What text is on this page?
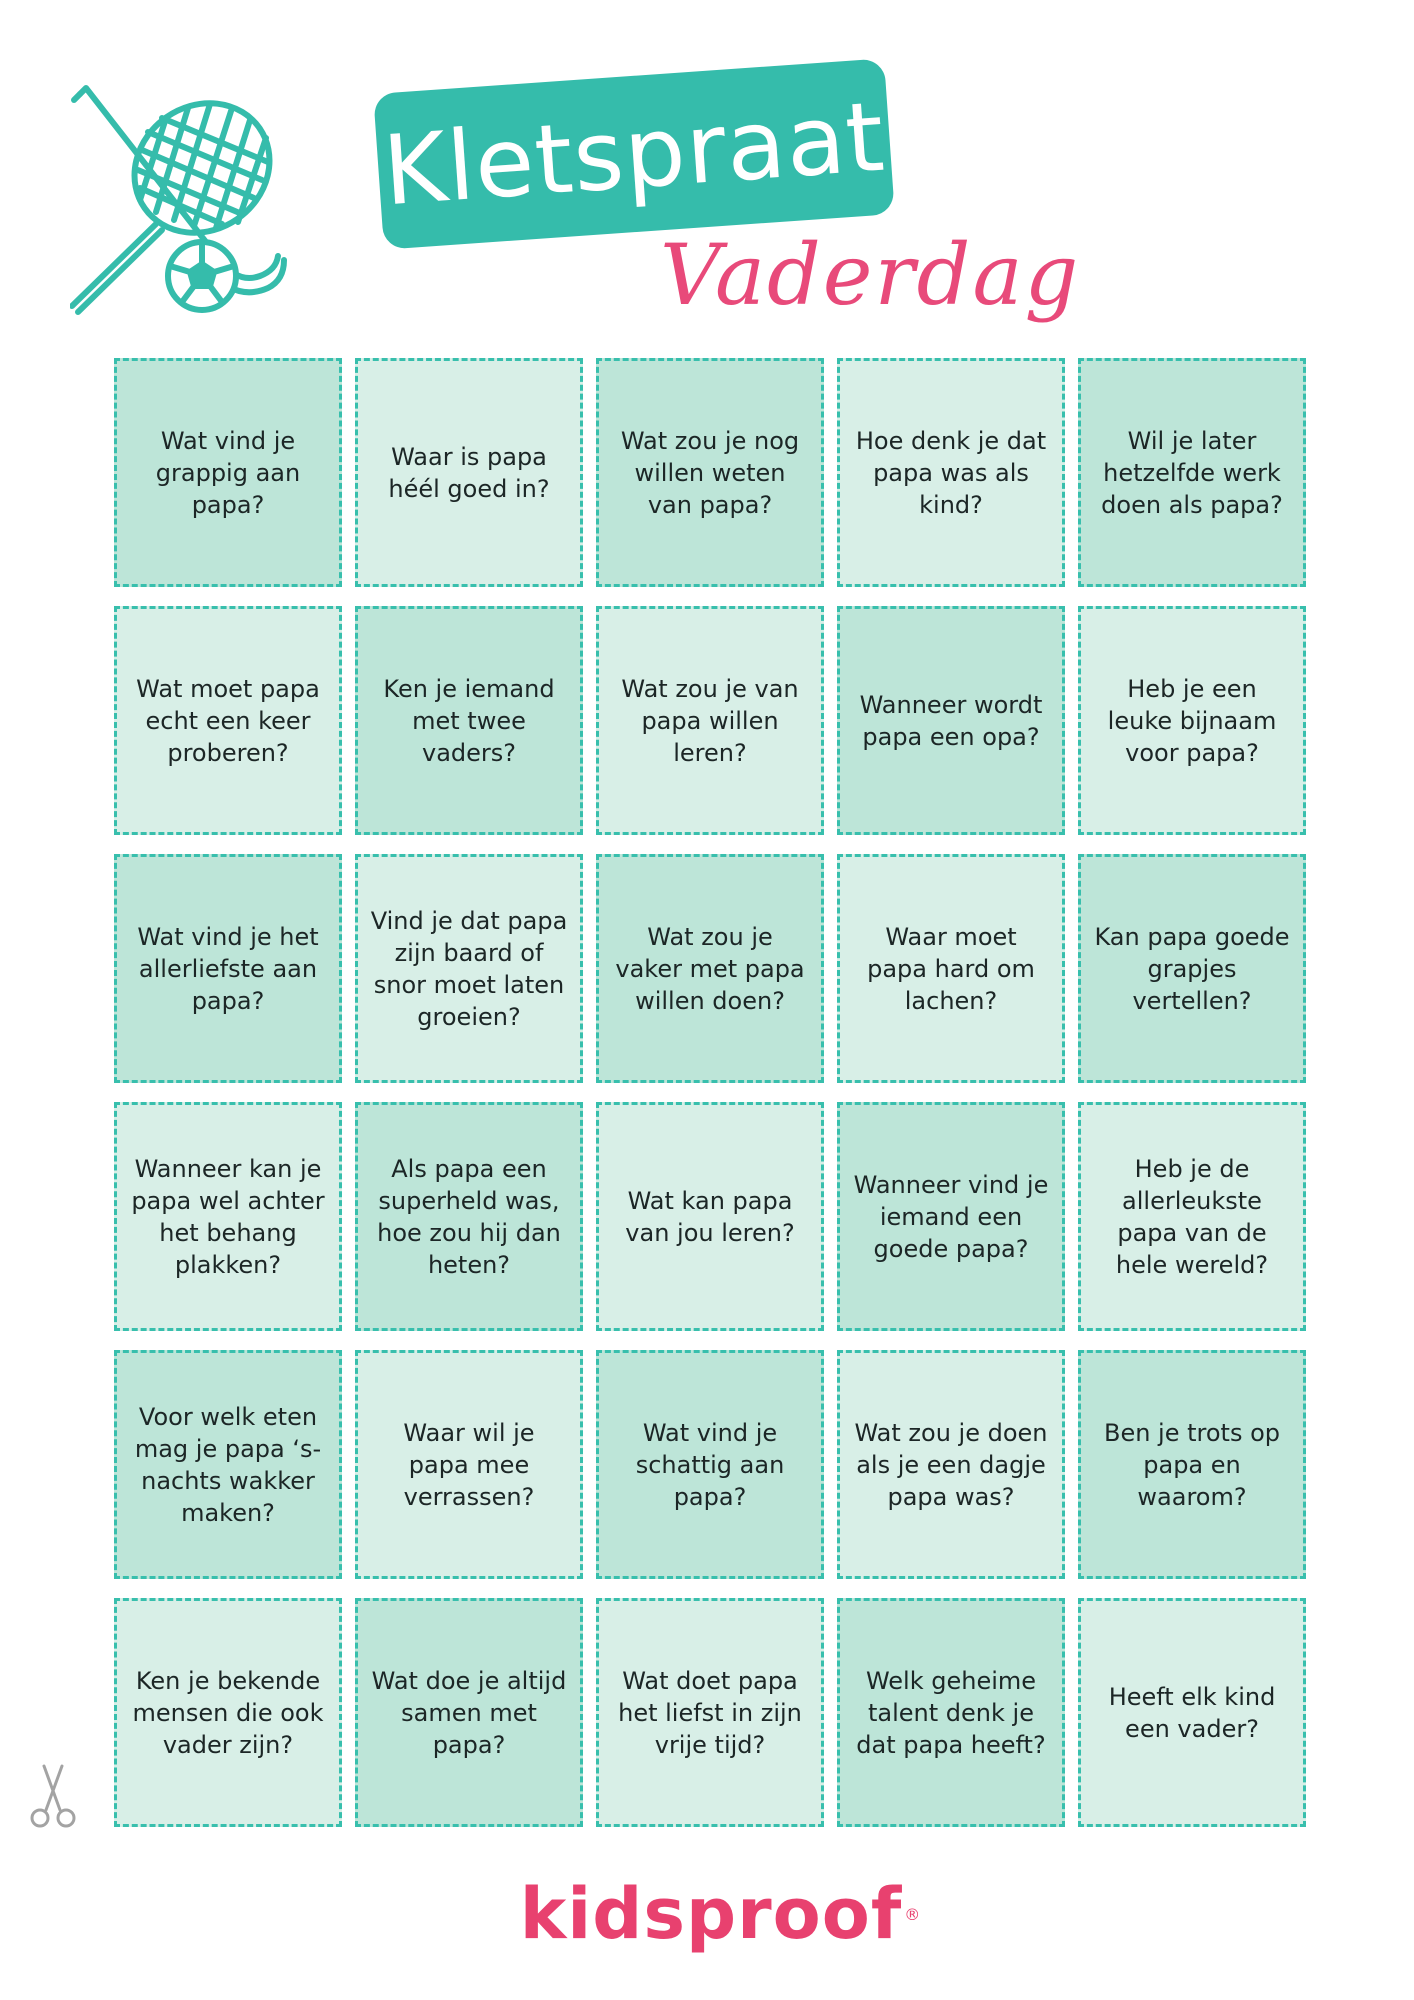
Kletspraat
Vaderdag
Wat vind je grappig aan papa?
Waar is papa héél goed in?
Wat zou je nog willen weten van papa?
Hoe denk je dat papa was als kind?
Wil je later hetzelfde werk doen als papa?
Wat moet papa echt een keer proberen?
Ken je iemand met twee vaders?
Wat zou je van papa willen leren?
Wanneer wordt papa een opa?
Heb je een leuke bijnaam voor papa?
Wat vind je het allerliefste aan papa?
Vind je dat papa zijn baard of snor moet laten groeien?
Wat zou je vaker met papa willen doen?
Waar moet papa hard om lachen?
Kan papa goede grapjes vertellen?
Wanneer kan je papa wel achter het behang plakken?
Als papa een superheld was, hoe zou hij dan heten?
Wat kan papa van jou leren?
Wanneer vind je iemand een goede papa?
Heb je de allerleukste papa van de hele wereld?
Voor welk eten mag je papa ‘s-nachts wakker maken?
Waar wil je papa mee verrassen?
Wat vind je schattig aan papa?
Wat zou je doen als je een dagje papa was?
Ben je trots op papa en waarom?
Ken je bekende mensen die ook vader zijn?
Wat doe je altijd samen met papa?
Wat doet papa het liefst in zijn vrije tijd?
Welk geheime talent denk je dat papa heeft?
Heeft elk kind een vader?
kidsproof ®
